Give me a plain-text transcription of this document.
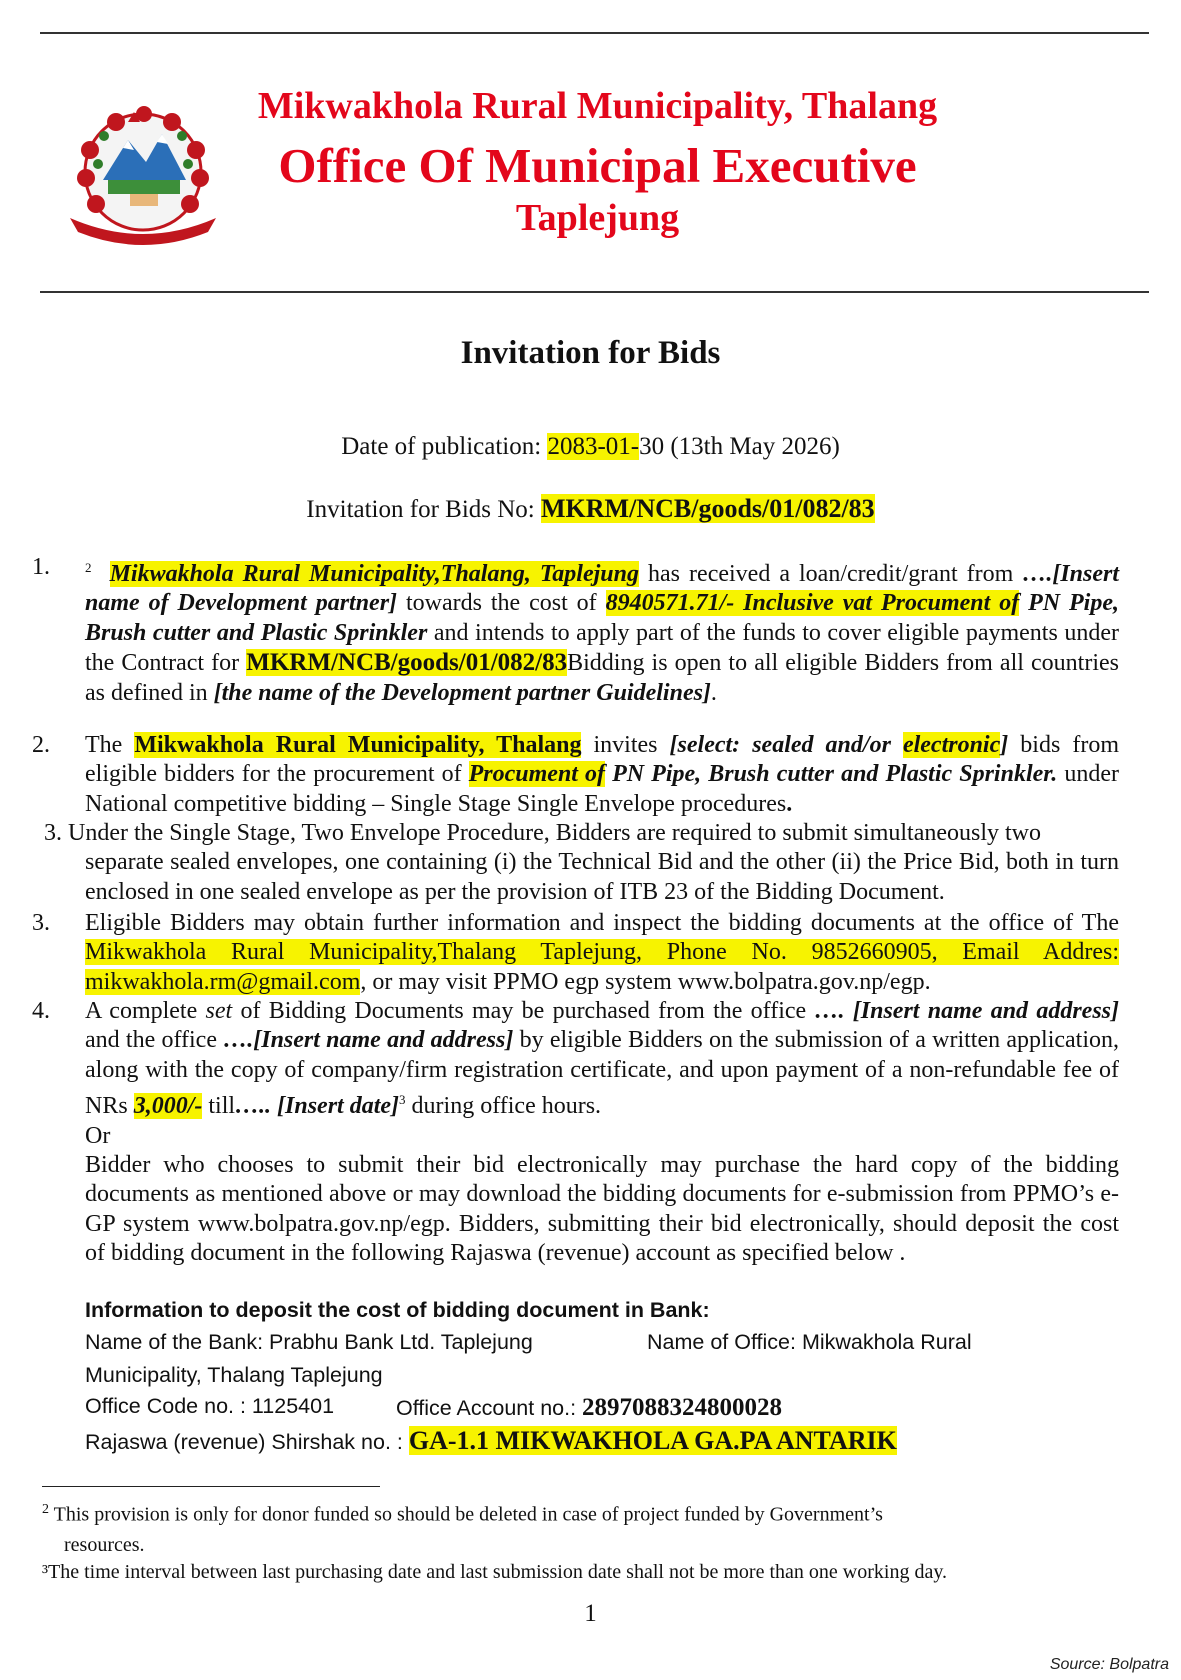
Mikwakhola Rural Municipality, Thalang
Office Of Municipal Executive
Taplejung
Invitation for Bids
Date of publication: 2083-01-30 (13th May 2026)
Invitation for Bids No: MKRM/NCB/goods/01/082/83
1.	$^2$ Mikwakhola Rural Municipality,Thalang, Taplejung has received a loan/credit/grant from ….[Insert name of Development partner] towards the cost of 8940571.71/- Inclusive vat Procument of PN Pipe, Brush cutter and Plastic Sprinkler and intends to apply part of the funds to cover eligible payments under the Contract for MKRM/NCB/goods/01/082/83Bidding is open to all eligible Bidders from all countries as defined in [the name of the Development partner Guidelines].
2. The Mikwakhola Rural Municipality, Thalang invites [select: sealed and/or electronic] bids from eligible bidders for the procurement of Procument of PN Pipe, Brush cutter and Plastic Sprinkler. under National competitive bidding – Single Stage Single Envelope procedures.
3. Under the Single Stage, Two Envelope Procedure, Bidders are required to submit simultaneously two
separate sealed envelopes, one containing (i) the Technical Bid and the other (ii) the Price Bid, both in turn enclosed in one sealed envelope as per the provision of ITB 23 of the Bidding Document.
3. Eligible Bidders may obtain further information and inspect the bidding documents at the office of The Mikwakhola Rural Municipality,Thalang Taplejung, Phone No. 9852660905, Email Addres: mikwakhola.rm@gmail.com, or may visit PPMO egp system www.bolpatra.gov.np/egp.
4. A complete set of Bidding Documents may be purchased from the office …. [Insert name and address] and the office ….[Insert name and address] by eligible Bidders on the submission of a written application, along with the copy of company/firm registration certificate, and upon payment of a non-refundable fee of NRs 3,000/- till….. [Insert date]$^3$ during office hours.
Or
Bidder who chooses to submit their bid electronically may purchase the hard copy of the bidding documents as mentioned above or may download the bidding documents for e-submission from PPMO’s e-GP system www.bolpatra.gov.np/egp. Bidders, submitting their bid electronically, should deposit the cost of bidding document in the following Rajaswa (revenue) account as specified below .
Information to deposit the cost of bidding document in Bank:
Name of the Bank: Prabhu Bank Ltd. Taplejung	Name of Office: Mikwakhola Rural
Municipality, Thalang Taplejung
Office Code no. : 1125401	Office Account no.: 2897088324800028
Rajaswa (revenue) Shirshak no. : GA-1.1 MIKWAKHOLA GA.PA ANTARIK
$^2$ This provision is only for donor funded so should be deleted in case of project funded by Government’s
resources.
³The time interval between last purchasing date and last submission date shall not be more than one working day.
1
Source: Bolpatra
